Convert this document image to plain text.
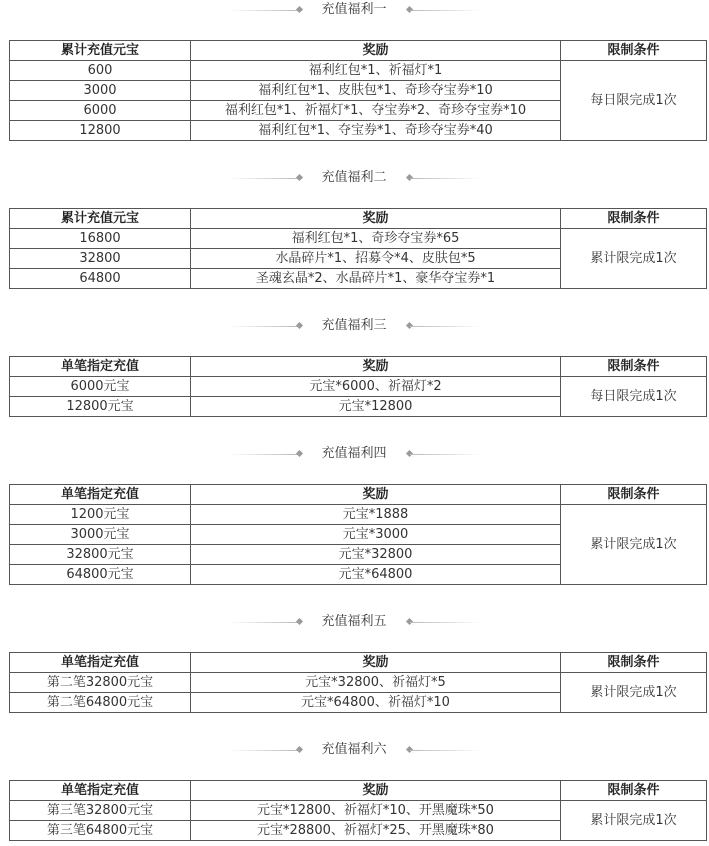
充值福利一
累计充值元宝	奖励	限制条件
600	福利红包*1、祈福灯*1	每日限完成1次
3000	福利红包*1、皮肤包*1、奇珍夺宝券*10	
6000	福利红包*1、祈福灯*1、夺宝券*2、奇珍夺宝券*10	
12800	福利红包*1、夺宝券*1、奇珍夺宝券*40	
充值福利二
累计充值元宝	奖励	限制条件
16800	福利红包*1、奇珍夺宝券*65	累计限完成1次
32800	水晶碎片*1、招募令*4、皮肤包*5	
64800	圣魂玄晶*2、水晶碎片*1、豪华夺宝券*1	
充值福利三
单笔指定充值	奖励	限制条件
6000元宝	元宝*6000、祈福灯*2	每日限完成1次
12800元宝	元宝*12800	
充值福利四
单笔指定充值	奖励	限制条件
1200元宝	元宝*1888	累计限完成1次
3000元宝	元宝*3000	
32800元宝	元宝*32800	
64800元宝	元宝*64800	
充值福利五
单笔指定充值	奖励	限制条件
第二笔32800元宝	元宝*32800、祈福灯*5	累计限完成1次
第二笔64800元宝	元宝*64800、祈福灯*10	
充值福利六
单笔指定充值	奖励	限制条件
第三笔32800元宝	元宝*12800、祈福灯*10、开黑魔珠*50	累计限完成1次
第三笔64800元宝	元宝*28800、祈福灯*25、开黑魔珠*80	
